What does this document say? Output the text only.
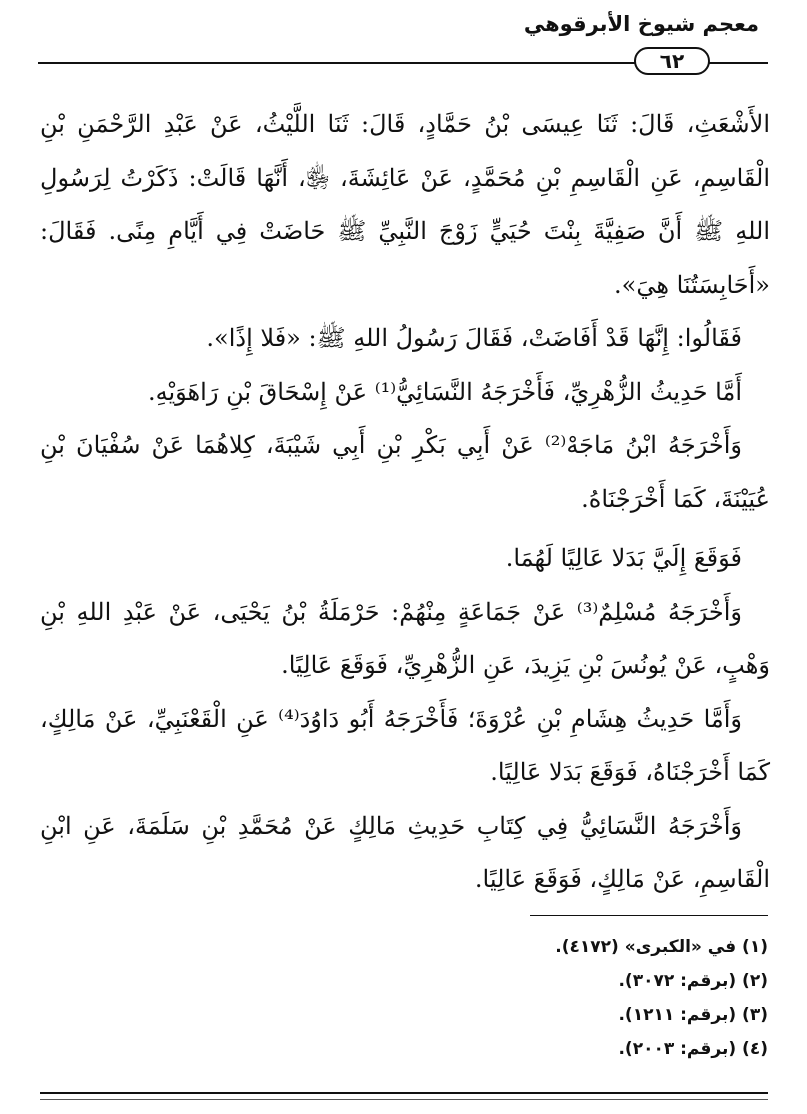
معجم شيوخ الأبرقوهي
٦٢

الأَشْعَثِ، قَالَ: ثَنَا عِيسَى بْنُ حَمَّادٍ، قَالَ: ثَنَا اللَّيْثُ، عَنْ عَبْدِ الرَّحْمَنِ بْنِ الْقَاسِمِ، عَنِ الْقَاسِمِ بْنِ مُحَمَّدٍ، عَنْ عَائِشَةَ، ﵂، أَنَّهَا قَالَتْ: ذَكَرْتُ لِرَسُولِ اللهِ ﷺ أَنَّ صَفِيَّةَ بِنْتَ حُيَيٍّ زَوْجَ النَّبِيِّ ﷺ حَاضَتْ فِي أَيَّامِ مِنًى. فَقَالَ: «أَحَابِسَتُنَا هِيَ».

فَقَالُوا: إِنَّهَا قَدْ أَفَاضَتْ، فَقَالَ رَسُولُ اللهِ ﷺ: «فَلا إِذًا».

أَمَّا حَدِيثُ الزُّهْرِيِّ، فَأَخْرَجَهُ النَّسَائِيُّ⁽¹⁾ عَنْ إِسْحَاقَ بْنِ رَاهَوَيْهِ.

وَأَخْرَجَهُ ابْنُ مَاجَهْ⁽²⁾ عَنْ أَبِي بَكْرِ بْنِ أَبِي شَيْبَةَ، كِلاهُمَا عَنْ سُفْيَانَ بْنِ عُيَيْنَةَ، كَمَا أَخْرَجْنَاهُ.

فَوَقَعَ إِلَيَّ بَدَلا عَالِيًا لَهُمَا.

وَأَخْرَجَهُ مُسْلِمٌ⁽³⁾ عَنْ جَمَاعَةٍ مِنْهُمْ: حَرْمَلَةُ بْنُ يَحْيَى، عَنْ عَبْدِ اللهِ بْنِ وَهْبٍ، عَنْ يُونُسَ بْنِ يَزِيدَ، عَنِ الزُّهْرِيِّ، فَوَقَعَ عَالِيًا.

وَأَمَّا حَدِيثُ هِشَامِ بْنِ عُرْوَةَ؛ فَأَخْرَجَهُ أَبُو دَاوُدَ⁽⁴⁾ عَنِ الْقَعْنَبِيِّ، عَنْ مَالِكٍ، كَمَا أَخْرَجْنَاهُ، فَوَقَعَ بَدَلا عَالِيًا.

وَأَخْرَجَهُ النَّسَائِيُّ فِي كِتَابِ حَدِيثِ مَالِكٍ عَنْ مُحَمَّدِ بْنِ سَلَمَةَ، عَنِ ابْنِ الْقَاسِمِ، عَنْ مَالِكٍ، فَوَقَعَ عَالِيًا.

(١) في «الكبرى» (٤١٧٢).
(٢) (برقم: ٣٠٧٢).
(٣) (برقم: ١٢١١).
(٤) (برقم: ٢٠٠٣).
